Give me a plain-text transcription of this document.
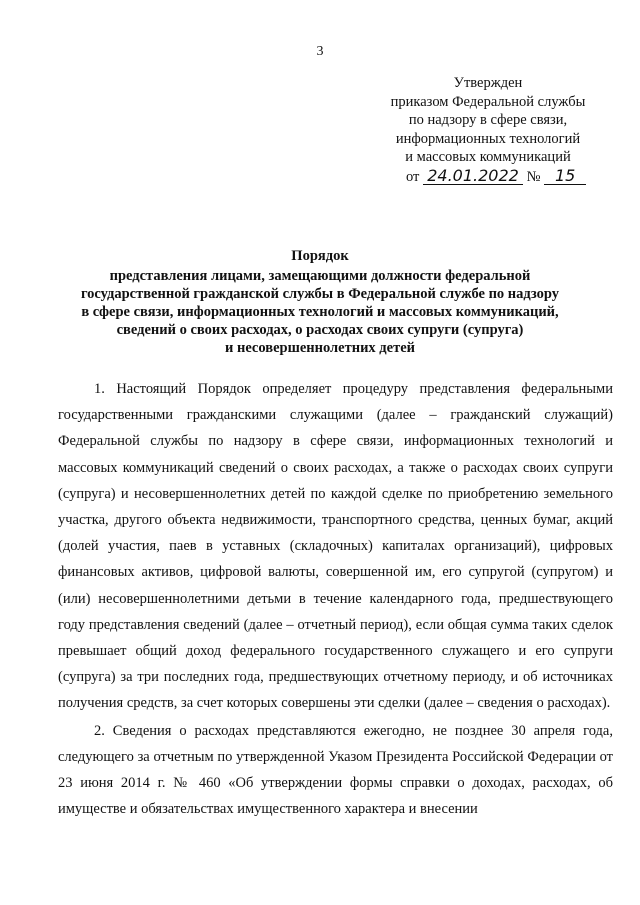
3
Утвержден
приказом Федеральной службы
по надзору в сфере связи,
информационных технологий
и массовых коммуникаций
от 24.01.2022 № 15
Порядок
представления лицами, замещающими должности федеральной
государственной гражданской службы в Федеральной службе по надзору
в сфере связи, информационных технологий и массовых коммуникаций,
сведений о своих расходах, о расходах своих супруги (супруга)
и несовершеннолетних детей

1. Настоящий Порядок определяет процедуру представления федеральными государственными гражданскими служащими (далее – гражданский служащий) Федеральной службы по надзору в сфере связи, информационных технологий и массовых коммуникаций сведений о своих расходах, а также о расходах своих супруги (супруга) и несовершеннолетних детей по каждой сделке по приобретению земельного участка, другого объекта недвижимости, транспортного средства, ценных бумаг, акций (долей участия, паев в уставных (складочных) капиталах организаций), цифровых финансовых активов, цифровой валюты, совершенной им, его супругой (супругом) и (или) несовершеннолетними детьми в течение календарного года, предшествующего году представления сведений (далее – отчетный период), если общая сумма таких сделок превышает общий доход федерального государственного служащего и его супруги (супруга) за три последних года, предшествующих отчетному периоду, и об источниках получения средств, за счет которых совершены эти сделки (далее – сведения о расходах).

2. Сведения о расходах представляются ежегодно, не позднее 30 апреля года, следующего за отчетным по утвержденной Указом Президента Российской Федерации от 23 июня 2014 г. № 460 «Об утверждении формы справки о доходах, расходах, об имуществе и обязательствах имущественного характера и внесении
